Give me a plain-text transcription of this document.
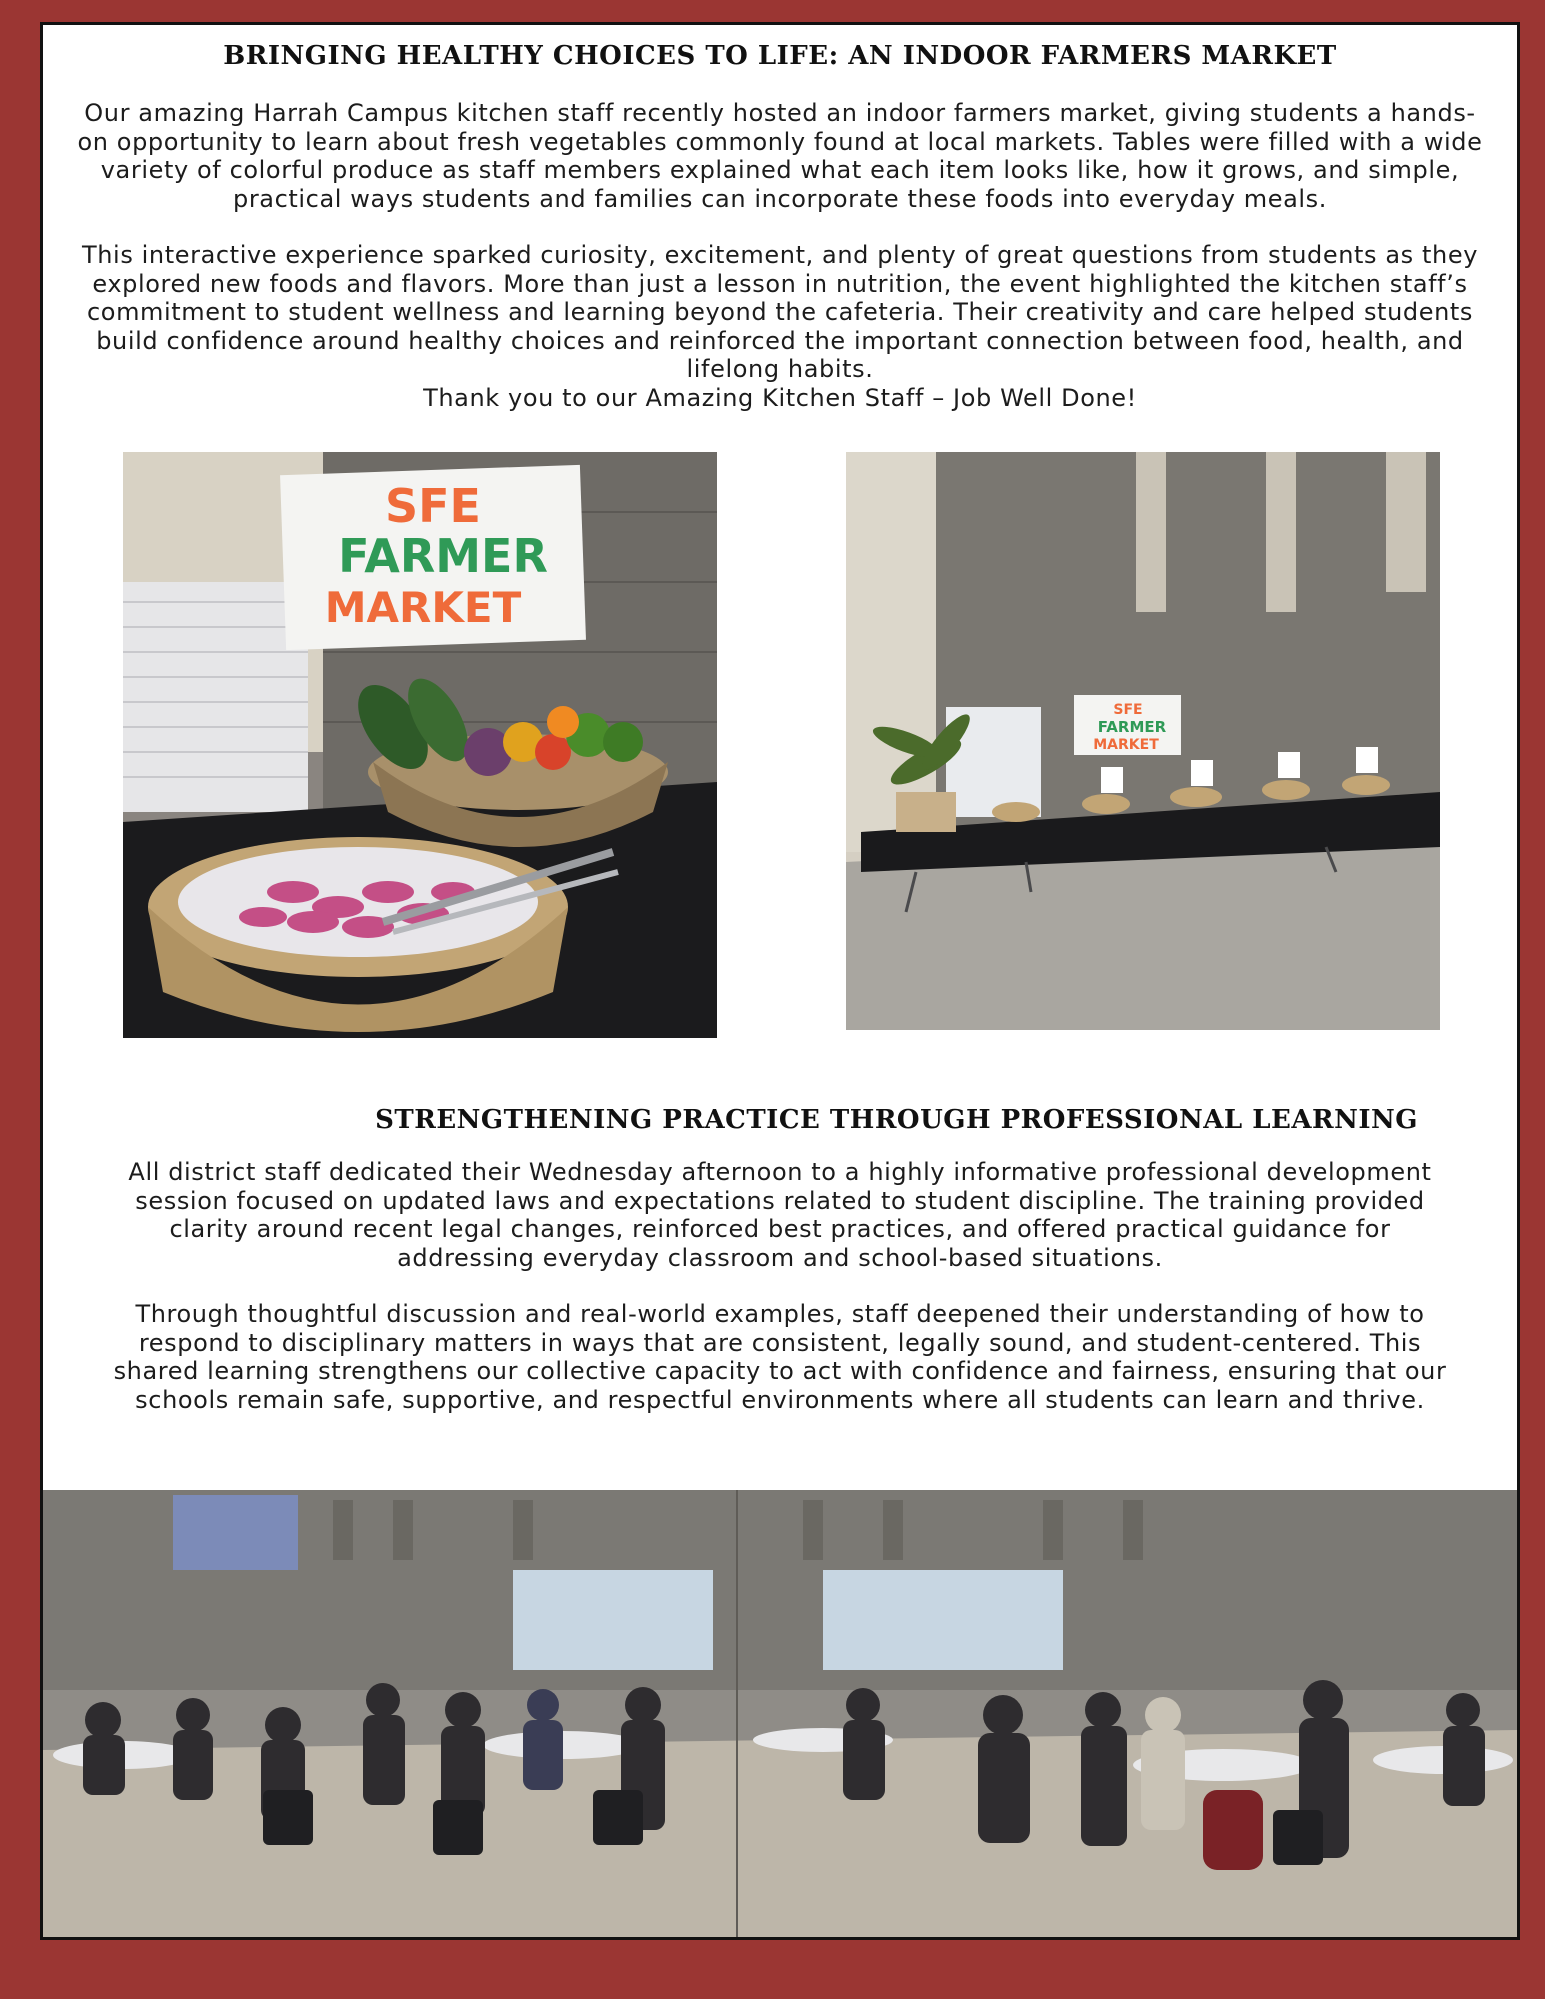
BRINGING HEALTHY CHOICES TO LIFE: AN INDOOR FARMERS MARKET

Our amazing Harrah Campus kitchen staff recently hosted an indoor farmers market, giving students a hands-on opportunity to learn about fresh vegetables commonly found at local markets. Tables were filled with a wide variety of colorful produce as staff members explained what each item looks like, how it grows, and simple, practical ways students and families can incorporate these foods into everyday meals.

This interactive experience sparked curiosity, excitement, and plenty of great questions from students as they explored new foods and flavors. More than just a lesson in nutrition, the event highlighted the kitchen staff’s commitment to student wellness and learning beyond the cafeteria. Their creativity and care helped students build confidence around healthy choices and reinforced the important connection between food, health, and lifelong habits.

Thank you to our Amazing Kitchen Staff – Job Well Done!

SFE
FARMER
MARKET
SFE
FARMER
MARKET
STRENGTHENING PRACTICE THROUGH PROFESSIONAL LEARNING

All district staff dedicated their Wednesday afternoon to a highly informative professional development session focused on updated laws and expectations related to student discipline. The training provided clarity around recent legal changes, reinforced best practices, and offered practical guidance for addressing everyday classroom and school-based situations.

Through thoughtful discussion and real-world examples, staff deepened their understanding of how to respond to disciplinary matters in ways that are consistent, legally sound, and student-centered. This shared learning strengthens our collective capacity to act with confidence and fairness, ensuring that our schools remain safe, supportive, and respectful environments where all students can learn and thrive.
